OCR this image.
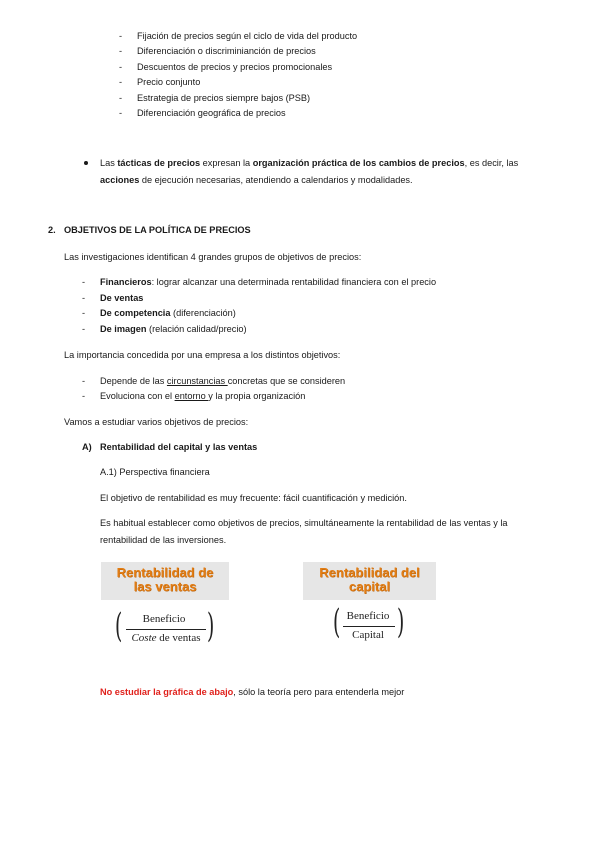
- Fijación de precios según el ciclo de vida del producto
- Diferenciación o discriminianción de precios
- Descuentos de precios y precios promocionales
- Precio conjunto
- Estrategia de precios siempre bajos (PSB)
- Diferenciación geográfica de precios
Las tácticas de precios expresan la organización práctica de los cambios de precios, es decir, las
acciones de ejecución necesarias, atendiendo a calendarios y modalidades.
2. OBJETIVOS DE LA POLÍTICA DE PRECIOS
Las investigaciones identifican 4 grandes grupos de objetivos de precios:
- Financieros: lograr alcanzar una determinada rentabilidad financiera con el precio
- De ventas
- De competencia (diferenciación)
- De imagen (relación calidad/precio)
La importancia concedida por una empresa a los distintos objetivos:
- Depende de las circunstancias concretas que se consideren
- Evoluciona con el entorno y la propia organización
Vamos a estudiar varios objetivos de precios:
A) Rentabilidad del capital y las ventas
A.1) Perspectiva financiera
El objetivo de rentabilidad es muy frecuente: fácil cuantificación y medición.
Es habitual establecer como objetivos de precios, simultáneamente la rentabilidad de las ventas y la
rentabilidad de las inversiones.
Rentabilidad de
las ventas
(	Beneficio
Coste de ventas )
Rentabilidad del
capital
( Beneficio
Capital )
No estudiar la gráfica de abajo, sólo la teoría pero para entenderla mejor
